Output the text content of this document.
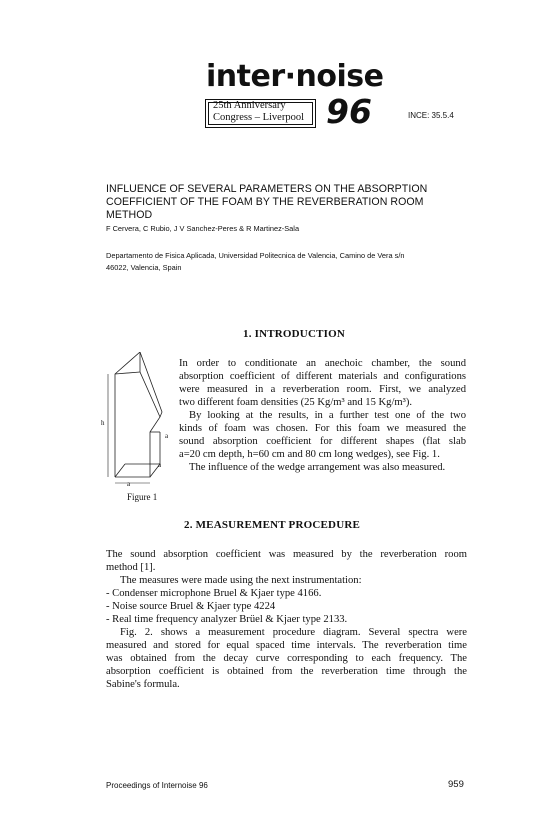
inter·noise
25th Anniversary
Congress – Liverpool 96	INCE: 35.5.4
INFLUENCE OF SEVERAL PARAMETERS ON THE ABSORPTION
COEFFICIENT OF THE FOAM BY THE REVERBERATION ROOM
METHOD
F Cervera, C Rubio, J V Sanchez-Peres & R Martinez-Sala
Departamento de Fisica Aplicada, Universidad Politecnica de Valencia, Camino de Vera s/n
46022, Valencia, Spain
1. INTRODUCTION
In order to conditionate an anechoic chamber, the sound
absorption coefficient of different materials and configurations
were measured in a reverberation room. First, we analyzed
two different foam densities (25 Kg/m³ and 15 Kg/m³).
By looking at the results, in a further test one of the two
kinds of foam was chosen. For this foam we measured the
sound absorption coefficient for different shapes (flat slab
a=20 cm depth, h=60 cm and 80 cm long wedges), see Fig. 1.
The influence of the wedge arrangement was also measured.
h
a
a
a
Figure 1
2. MEASUREMENT PROCEDURE
The sound absorption coefficient was measured by the reverberation room
method [1].
The measures were made using the next instrumentation:
- Condenser microphone Bruel & Kjaer type 4166.
- Noise source Bruel & Kjaer type 4224
- Real time frequency analyzer Brüel & Kjaer type 2133.
Fig. 2. shows a measurement procedure diagram. Several spectra were
measured and stored for equal spaced time intervals. The reverberation time
was obtained from the decay curve corresponding to each frequency. The
absorption coefficient is obtained from the reverberation time through the
Sabine's formula.
Proceedings of Internoise 96	959
